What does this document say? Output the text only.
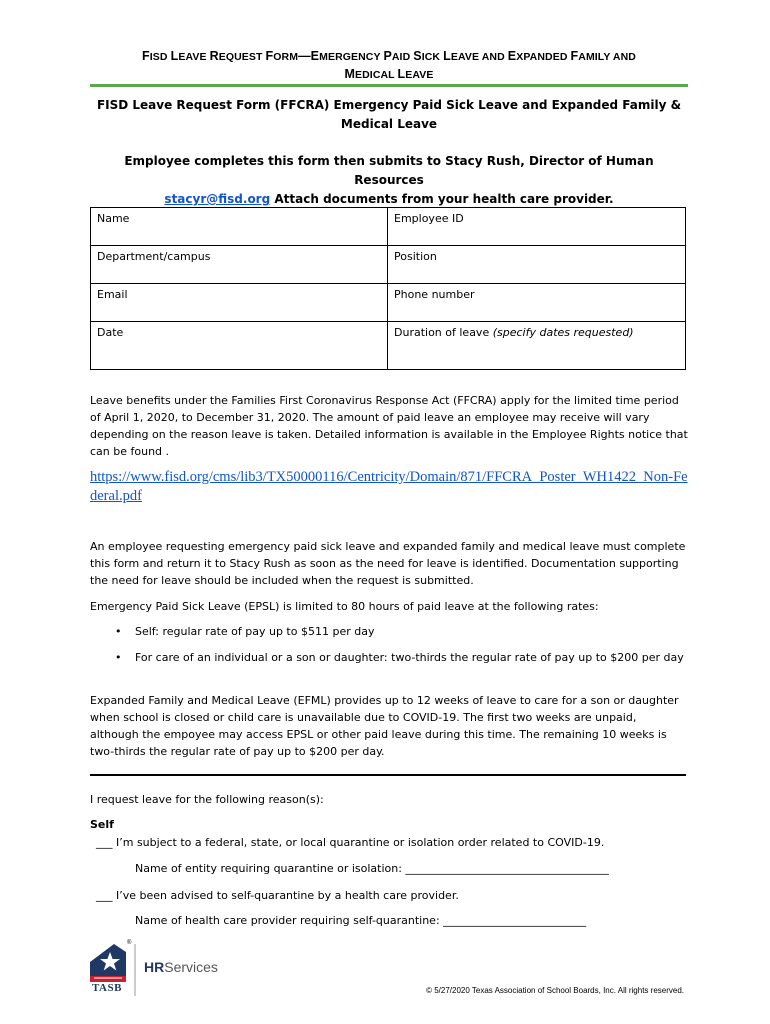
FISD LEAVE REQUEST FORM—EMERGENCY PAID SICK LEAVE AND EXPANDED FAMILY AND
MEDICAL LEAVE
FISD Leave Request Form (FFCRA) Emergency Paid Sick Leave and Expanded Family & Medical Leave
Employee completes this form then submits to Stacy Rush, Director of Human Resources
stacyr@fisd.org Attach documents from your health care provider.
Name	Employee ID
Department/campus	Position
Email	Phone number
Date	Duration of leave (specify dates requested)
Leave benefits under the Families First Coronavirus Response Act (FFCRA) apply for the limited time period of April 1, 2020, to December 31, 2020. The amount of paid leave an employee may receive will vary depending on the reason leave is taken. Detailed information is available in the Employee Rights notice that can be found .
https://www.fisd.org/cms/lib3/TX50000116/Centricity/Domain/871/FFCRA_Poster_WH1422_Non-Federal.pdf
An employee requesting emergency paid sick leave and expanded family and medical leave must complete this form and return it to Stacy Rush as soon as the need for leave is identified. Documentation supporting the need for leave should be included when the request is submitted.
Emergency Paid Sick Leave (EPSL) is limited to 80 hours of paid leave at the following rates:
• Self: regular rate of pay up to $511 per day
• For care of an individual or a son or daughter: two-thirds the regular rate of pay up to $200 per day
Expanded Family and Medical Leave (EFML) provides up to 12 weeks of leave to care for a son or daughter when school is closed or child care is unavailable due to COVID-19. The first two weeks are unpaid, although the empoyee may access EPSL or other paid leave during this time. The remaining 10 weeks is two-thirds the regular rate of pay up to $200 per day.
I request leave for the following reason(s):
Self
___ I’m subject to a federal, state, or local quarantine or isolation order related to COVID-19.
Name of entity requiring quarantine or isolation: _____________________________________
___ I’ve been advised to self-quarantine by a health care provider.
Name of health care provider requiring self-quarantine: __________________________
®
TASB
HRServices
© 5/27/2020 Texas Association of School Boards, Inc. All rights reserved.
